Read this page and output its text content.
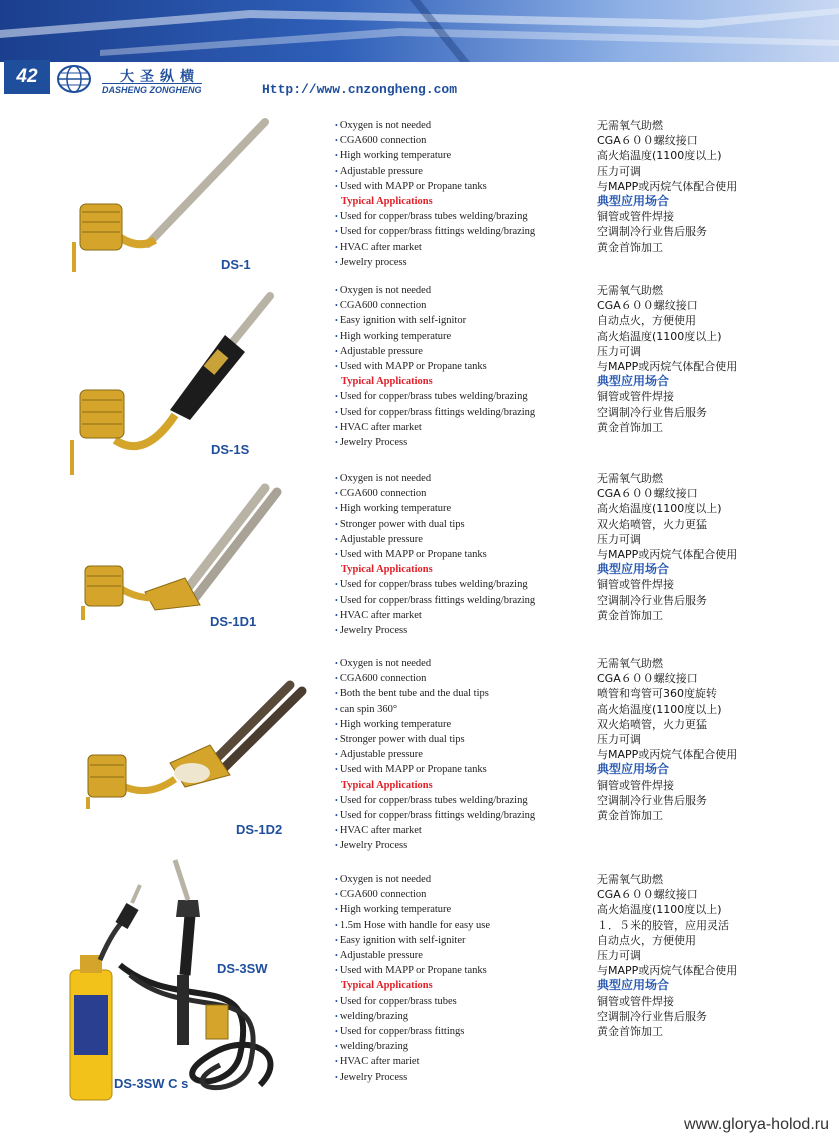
42	大圣纵横
DASHENG ZONGHENG	Http://www.cnzongheng.com
DS-1
• Oxygen is not needed
• CGA600 connection
• High working temperature
• Adjustable pressure
• Used with MAPP or Propane tanks
Typical Applications
• Used for copper/brass tubes welding/brazing
• Used for copper/brass fittings welding/brazing
• HVAC after market
• Jewelry process
无需氧气助燃
CGA６００螺纹接口
高火焰温度(1100度以上)
压力可调
与MAPP或丙烷气体配合使用
典型应用场合
铜管或管件焊接
空调制冷行业售后服务
黄金首饰加工
DS-1S
• Oxygen is not needed
• CGA600 connection
• Easy ignition with self-ignitor
• High working temperature
• Adjustable pressure
• Used with MAPP or Propane tanks
Typical Applications
• Used for copper/brass tubes welding/brazing
• Used for copper/brass fittings welding/brazing
• HVAC after market
• Jewelry Process
无需氧气助燃
CGA６００螺纹接口
自动点火，方便使用
高火焰温度(1100度以上)
压力可调
与MAPP或丙烷气体配合使用
典型应用场合
铜管或管件焊接
空调制冷行业售后服务
黄金首饰加工
DS-1D1
• Oxygen is not needed
• CGA600 connection
• High working temperature
• Stronger power with dual tips
• Adjustable pressure
• Used with MAPP or Propane tanks
Typical Applications
• Used for copper/brass tubes welding/brazing
• Used for copper/brass fittings welding/brazing
• HVAC after market
• Jewelry Process
无需氧气助燃
CGA６００螺纹接口
高火焰温度(1100度以上)
双火焰喷管，火力更猛
压力可调
与MAPP或丙烷气体配合使用
典型应用场合
铜管或管件焊接
空调制冷行业售后服务
黄金首饰加工
DS-1D2
• Oxygen is not needed
• CGA600 connection
• Both the bent tube and the dual tips
• can spin 360°
• High working temperature
• Stronger power with dual tips
• Adjustable pressure
• Used with MAPP or Propane tanks
Typical Applications
• Used for copper/brass tubes welding/brazing
• Used for copper/brass fittings welding/brazing
• HVAC after market
• Jewelry Process
无需氧气助燃
CGA６００螺纹接口
喷管和弯管可360度旋转
高火焰温度(1100度以上)
双火焰喷管，火力更猛
压力可调
与MAPP或丙烷气体配合使用
典型应用场合
铜管或管件焊接
空调制冷行业售后服务
黄金首饰加工
DS-3SW
DS-3SW C s
• Oxygen is not needed
• CGA600 connection
• High working temperature
• 1.5m Hose with handle for easy use
• Easy ignition with self-igniter
• Adjustable pressure
• Used with MAPP or Propane tanks
Typical Applications
• Used for copper/brass tubes
• welding/brazing
• Used for copper/brass fittings
• welding/brazing
• HVAC after mariet
• Jewelry Process
无需氧气助燃
CGA６００螺纹接口
高火焰温度(1100度以上)
１．５米的胶管，应用灵活
自动点火，方便使用
压力可调
与MAPP或丙烷气体配合使用
典型应用场合
铜管或管件焊接
空调制冷行业售后服务
黄金首饰加工
www.glorya-holod.ru
